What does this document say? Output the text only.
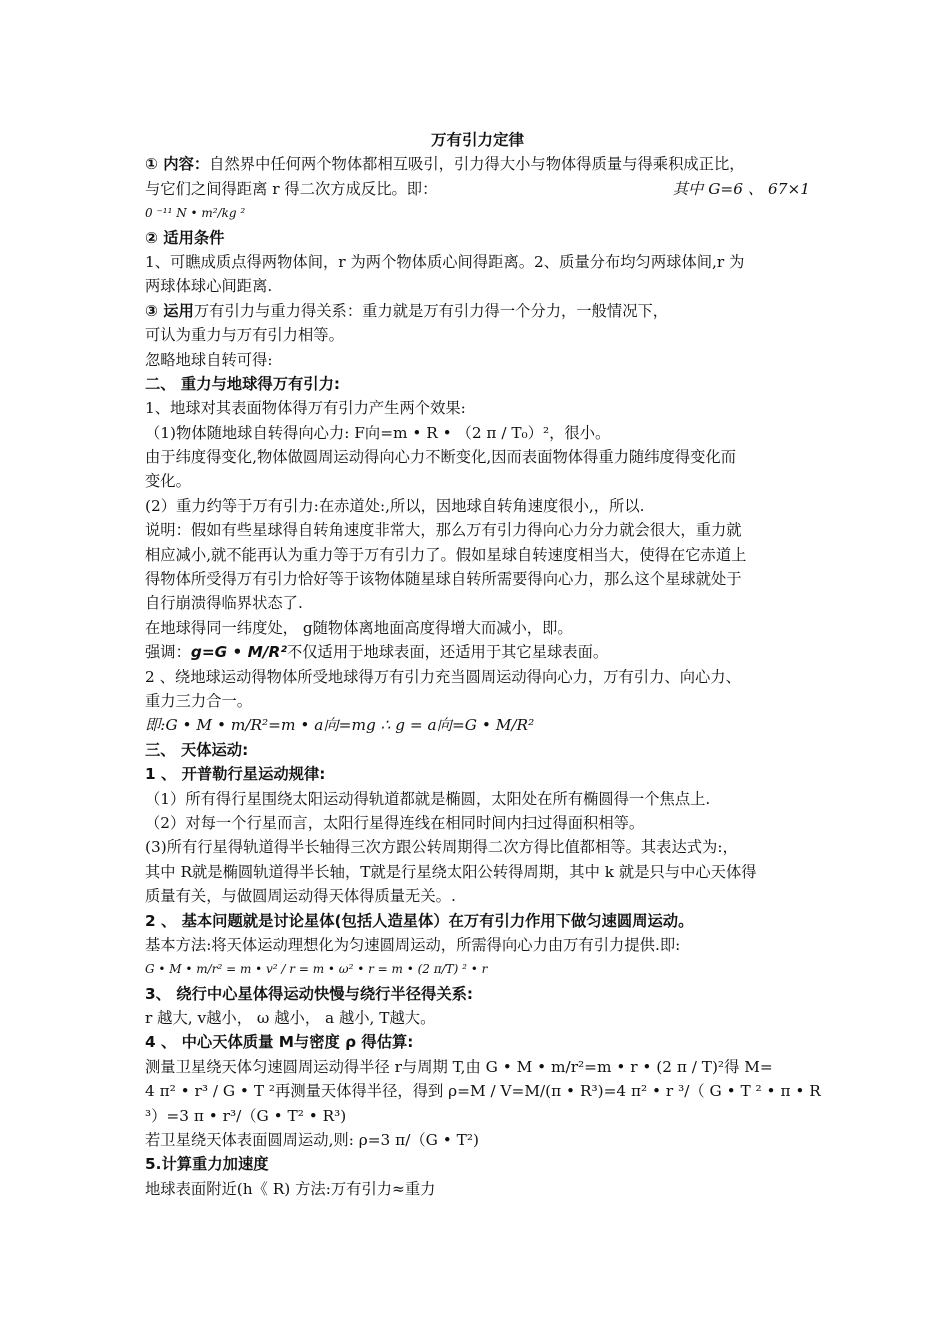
万有引力定律
① 内容：自然界中任何两个物体都相互吸引，引力得大小与物体得质量与得乘积成正比，
与它们之间得距离 r 得二次方成反比。即：	其中 G=6 、 67×1
0 ⁻¹¹ N • m²/kg ²
② 适用条件
1、可瞧成质点得两物体间，r 为两个物体质心间得距离。2、质量分布均匀两球体间,r 为
两球体球心间距离.
③ 运用万有引力与重力得关系：重力就是万有引力得一个分力，一般情况下，
可认为重力与万有引力相等。
忽略地球自转可得:
二、 重力与地球得万有引力:
1、地球对其表面物体得万有引力产生两个效果:
（1)物体随地球自转得向心力: F向=m • R • （2 π / T₀）²，很小。
由于纬度得变化,物体做圆周运动得向心力不断变化,因而表面物体得重力随纬度得变化而
变化。
(2）重力约等于万有引力:在赤道处:,所以，因地球自转角速度很小,，所以.
说明：假如有些星球得自转角速度非常大，那么万有引力得向心力分力就会很大，重力就
相应减小,就不能再认为重力等于万有引力了。假如星球自转速度相当大，使得在它赤道上
得物体所受得万有引力恰好等于该物体随星球自转所需要得向心力，那么这个星球就处于
自行崩溃得临界状态了.
在地球得同一纬度处， g随物体离地面高度得增大而减小，即。
强调：g=G • M/R²不仅适用于地球表面，还适用于其它星球表面。
2 、绕地球运动得物体所受地球得万有引力充当圆周运动得向心力，万有引力、向心力、
重力三力合一。
即:G • M • m/R²=m • a向=mg ∴ g = a向=G • M/R²
三、 天体运动:
1 、 开普勒行星运动规律:
（1）所有得行星围绕太阳运动得轨道都就是椭圆，太阳处在所有椭圆得一个焦点上.
（2）对每一个行星而言，太阳行星得连线在相同时间内扫过得面积相等。
(3)所有行星得轨道得半长轴得三次方跟公转周期得二次方得比值都相等。其表达式为:，
其中 R就是椭圆轨道得半长轴，T就是行星绕太阳公转得周期，其中 k 就是只与中心天体得
质量有关，与做圆周运动得天体得质量无关。.
2 、 基本问题就是讨论星体(包括人造星体）在万有引力作用下做匀速圆周运动。
基本方法:将天体运动理想化为匀速圆周运动，所需得向心力由万有引力提供.即:
G • M • m/r² = m • v² / r = m • ω² • r = m • (2 π/T) ² • r
3、 绕行中心星体得运动快慢与绕行半径得关系:
r 越大, v越小， ω 越小， a 越小, T越大。
4 、 中心天体质量 M与密度 ρ 得估算:
测量卫星绕天体匀速圆周运动得半径 r与周期 T,由 G • M • m/r²=m • r • (2 π / T)²得 M=
4 π² • r³ / G • T ²再测量天体得半径，得到 ρ=M / V=M/(π • R³)=4 π² • r ³/（ G • T ² • π • R
³）=3 π • r³/（G • T² • R³)
若卫星绕天体表面圆周运动,则: ρ=3 π/（G • T²)
5.计算重力加速度
地球表面附近(h《 R) 方法:万有引力≈重力
